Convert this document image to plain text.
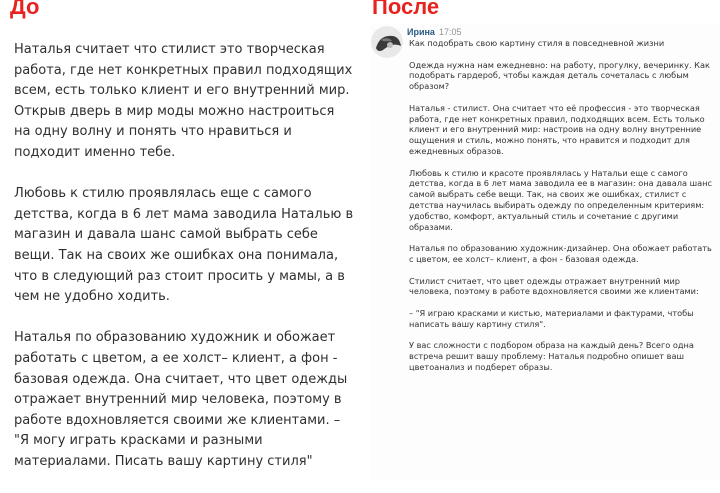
До	После

Наталья считает что стилист это творческая работа, где нет конкретных правил подходящих всем, есть только клиент и его внутренний мир. Открыв дверь в мир моды можно настроиться на одну волну и понять что нравиться и подходит именно тебе.

Любовь к стилю проявлялась еще с самого детства, когда в 6 лет мама заводила Наталью в магазин и давала шанс самой выбрать себе вещи. Так на своих же ошибках она понимала, что в следующий раз стоит просить у мамы, а в чем не удобно ходить.

Наталья по образованию художник и обожает работать с цветом, а ее холст– клиент, а фон - базовая одежда. Она считает, что цвет одежды отражает внутренний мир человека, поэтому в работе вдохновляется своими же клиентами. – "Я могу играть красками и разными материалами. Писать вашу картину стиля"

Ирина 17:05

Как подобрать свою картину стиля в повседневной жизни

Одежда нужна нам ежедневно: на работу, прогулку, вечеринку. Как подобрать гардероб, чтобы каждая деталь сочеталась с любым образом?

Наталья - стилист. Она считает что её профессия - это творческая работа, где нет конкретных правил, подходящих всем. Есть только клиент и его внутренний мир: настроив на одну волну внутренние ощущения и стиль, можно понять, что нравится и подходит для ежедневных образов.

Любовь к стилю и красоте проявлялась у Натальи еще с самого детства, когда в 6 лет мама заводила ее в магазин: она давала шанс самой выбрать себе вещи. Так, на своих же ошибках, стилист с детства научилась выбирать одежду по определенным критериям: удобство, комфорт, актуальный стиль и сочетание с другими образами.

Наталья по образованию художник-дизайнер. Она обожает работать с цветом, ее холст– клиент, а фон - базовая одежда.

Стилист считает, что цвет одежды отражает внутренний мир человека, поэтому в работе вдохновляется своими же клиентами:

– "Я играю красками и кистью, материалами и фактурами, чтобы написать вашу картину стиля".

У вас сложности с подбором образа на каждый день? Всего одна встреча решит вашу проблему: Наталья подробно опишет ваш цветоанализ и подберет образы.
